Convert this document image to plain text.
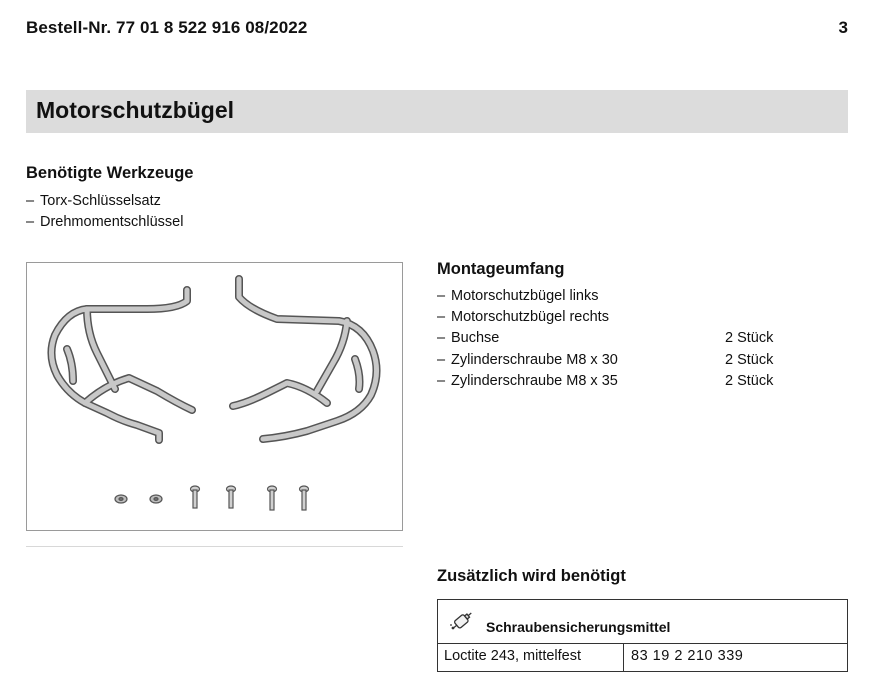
Bestell-Nr. 77 01 8 522 916 08/2022	3
Motorschutzbügel
Benötigte Werkzeuge
– Torx-Schlüsselsatz
– Drehmomentschlüssel
Montageumfang
– Motorschutzbügel links
– Motorschutzbügel rechts
– Buchse	2 Stück
– Zylinderschraube M8 x 30	2 Stück
– Zylinderschraube M8 x 35	2 Stück
Zusätzlich wird benötigt
Schraubensicherungsmittel
Loctite 243, mittelfest	83 19 2 210 339
